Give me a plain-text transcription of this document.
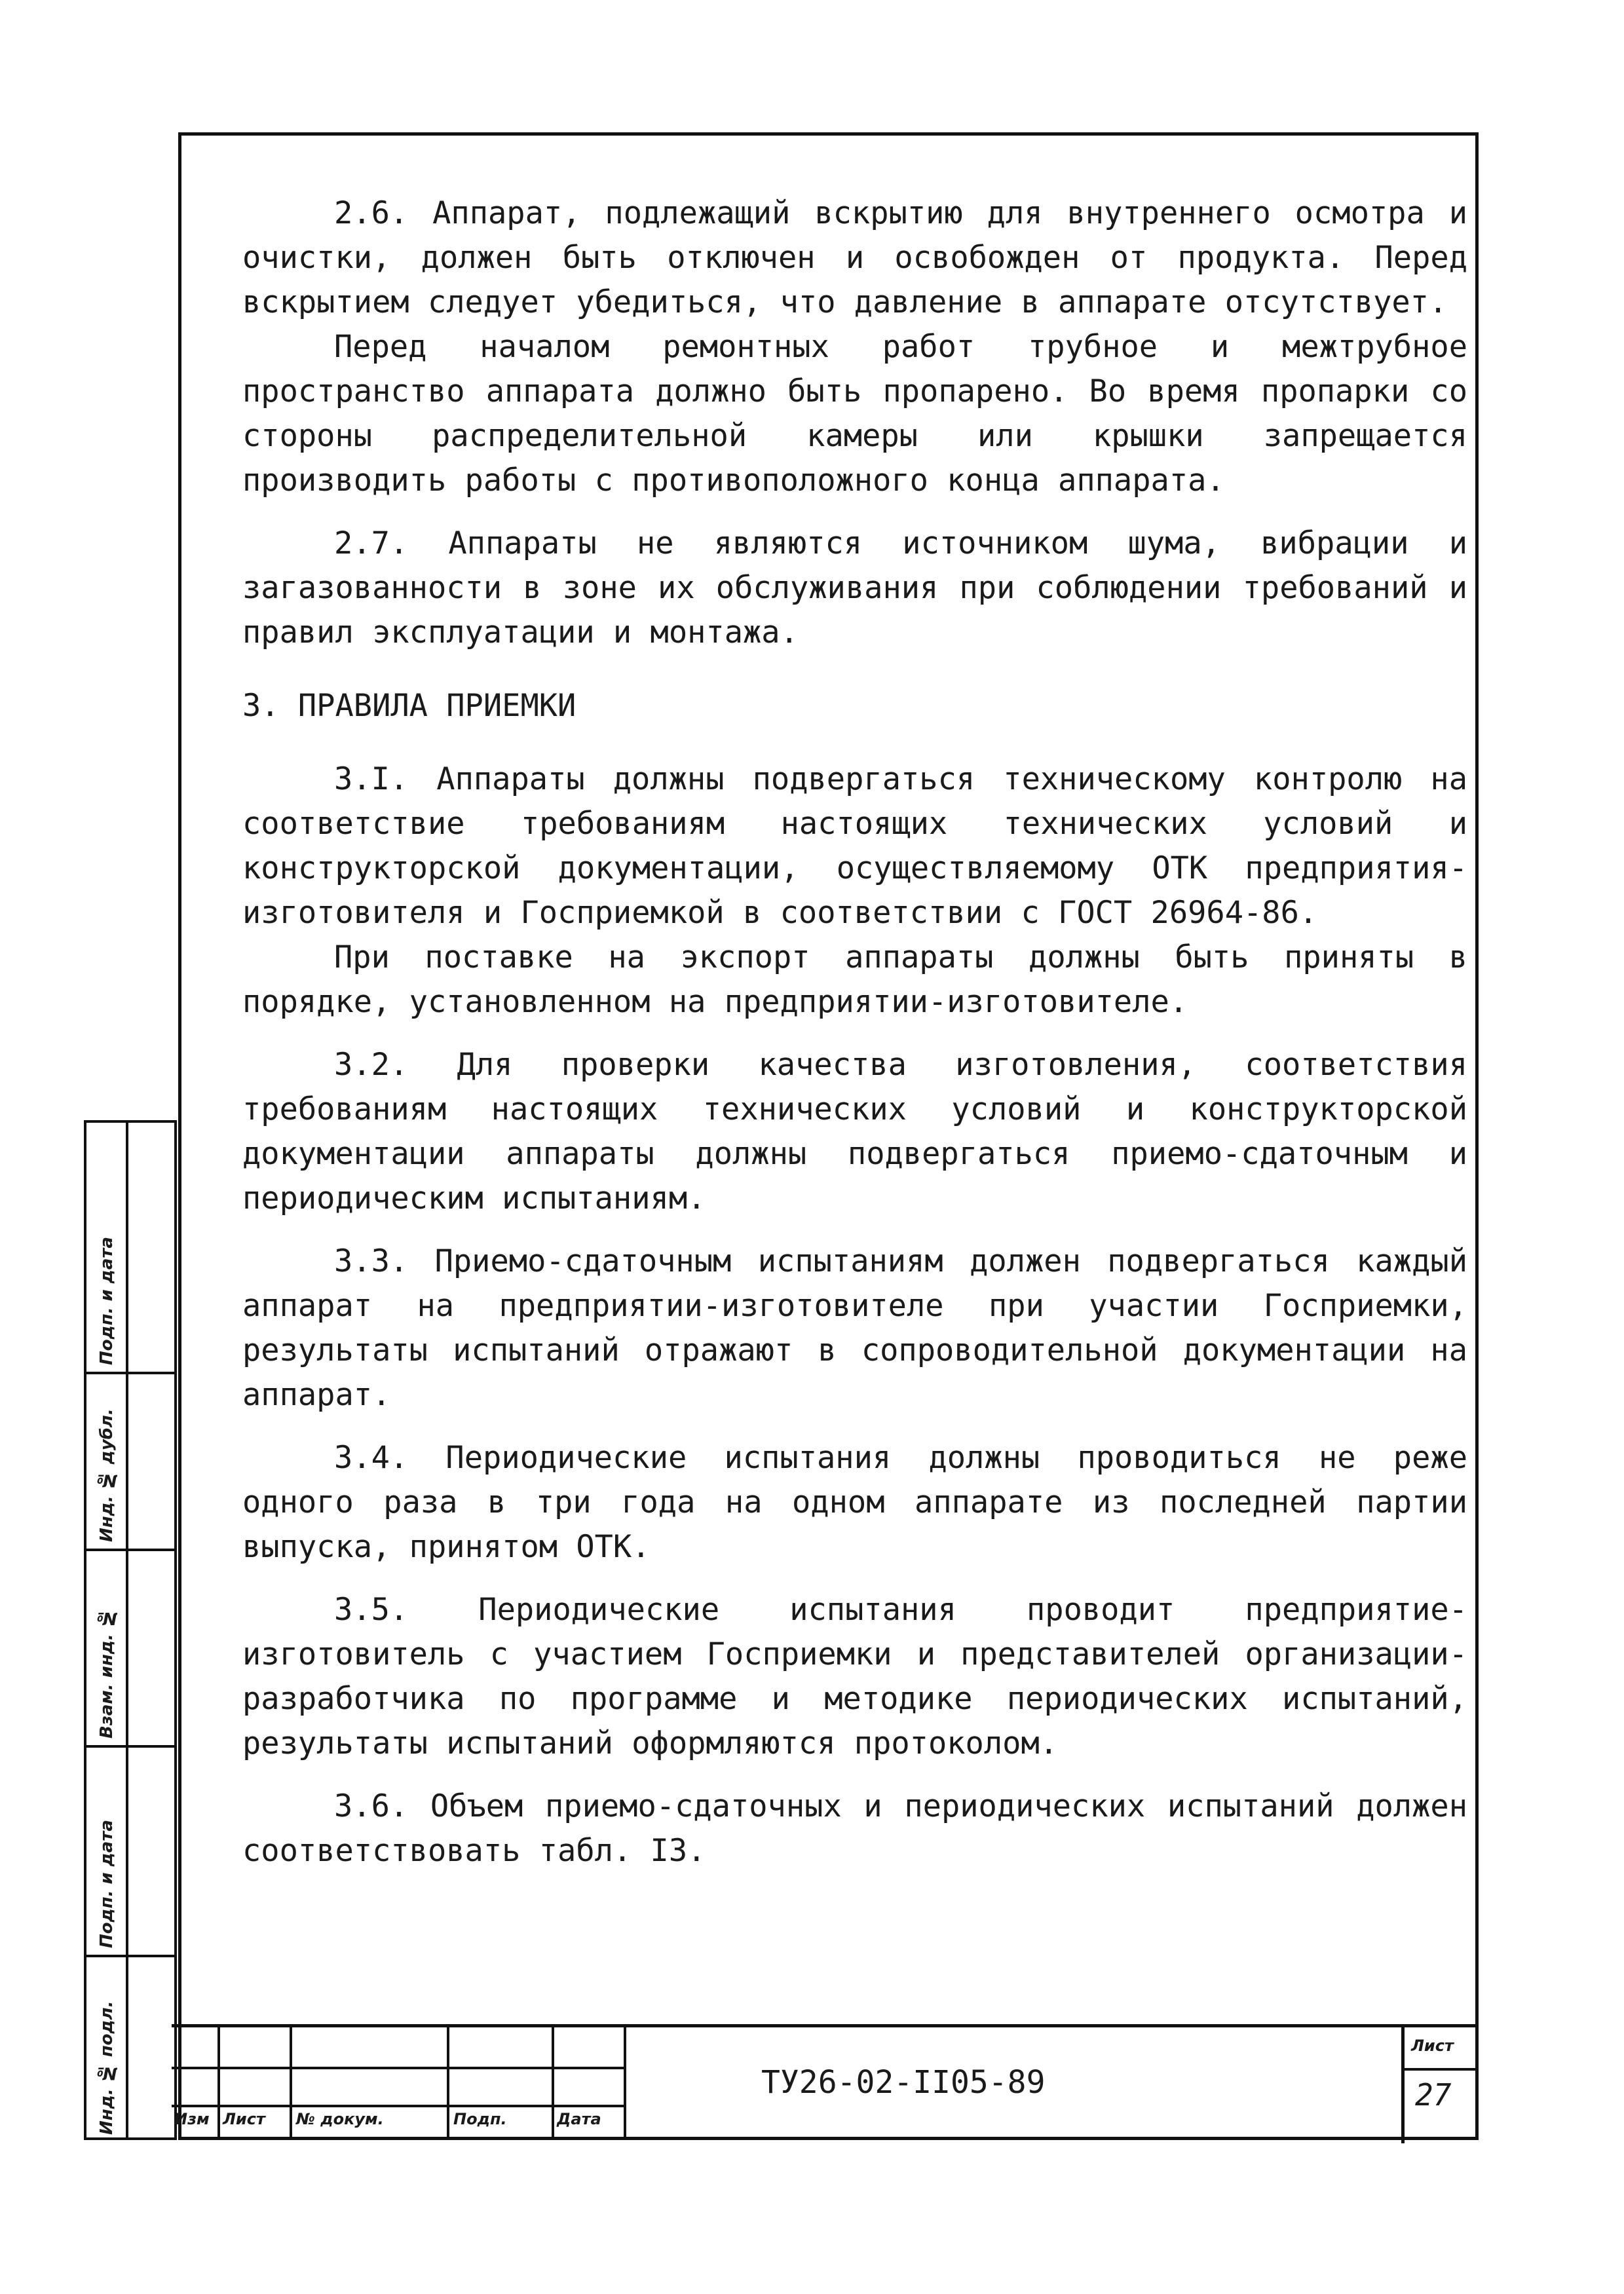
2.6. Аппарат, подлежащий вскрытию для внутреннего осмотра и очистки, должен быть отключен и освобожден от продукта. Перед вскрытием следует убедиться, что давление в аппарате отсутствует.

Перед началом ремонтных работ трубное и межтрубное пространство аппарата должно быть пропарено. Во время пропарки со стороны распределительной камеры или крышки запрещается производить работы с противоположного конца аппарата.

2.7. Аппараты не являются источником шума, вибрации и загазованности в зоне их обслуживания при соблюдении требований и правил эксплуатации и монтажа.

3. ПРАВИЛА ПРИЕМКИ

3.I. Аппараты должны подвергаться техническому контролю на соответствие требованиям настоящих технических условий и конструкторской документации, осуществляемому ОТК предприятия-изготовителя и Госприемкой в соответствии с ГОСТ 26964-86.

При поставке на экспорт аппараты должны быть приняты в порядке, установленном на предприятии-изготовителе.

3.2. Для проверки качества изготовления, соответствия требованиям настоящих технических условий и конструкторской документации аппараты должны подвергаться приемо-сдаточным и периодическим испытаниям.

3.3. Приемо-сдаточным испытаниям должен подвергаться каждый аппарат на предприятии-изготовителе при участии Госприемки, результаты испытаний отражают в сопроводительной документации на аппарат.

3.4. Периодические испытания должны проводиться не реже одного раза в три года на одном аппарате из последней партии выпуска, принятом ОТК.

3.5. Периодические испытания проводит предприятие-изготовитель с участием Госприемки и представителей организации-разработчика по программе и методике периодических испытаний, результаты испытаний оформляются протоколом.

3.6. Объем приемо-сдаточных и периодических испытаний должен соответствовать табл. I3.

Подп. и дата
Инд. № дубл.
Взам. инд. №
Подп. и дата
Инд. № подл.	Изм Лист № докум.	Подп.	Дата
ТУ26-02-II05-89
Лист
27
